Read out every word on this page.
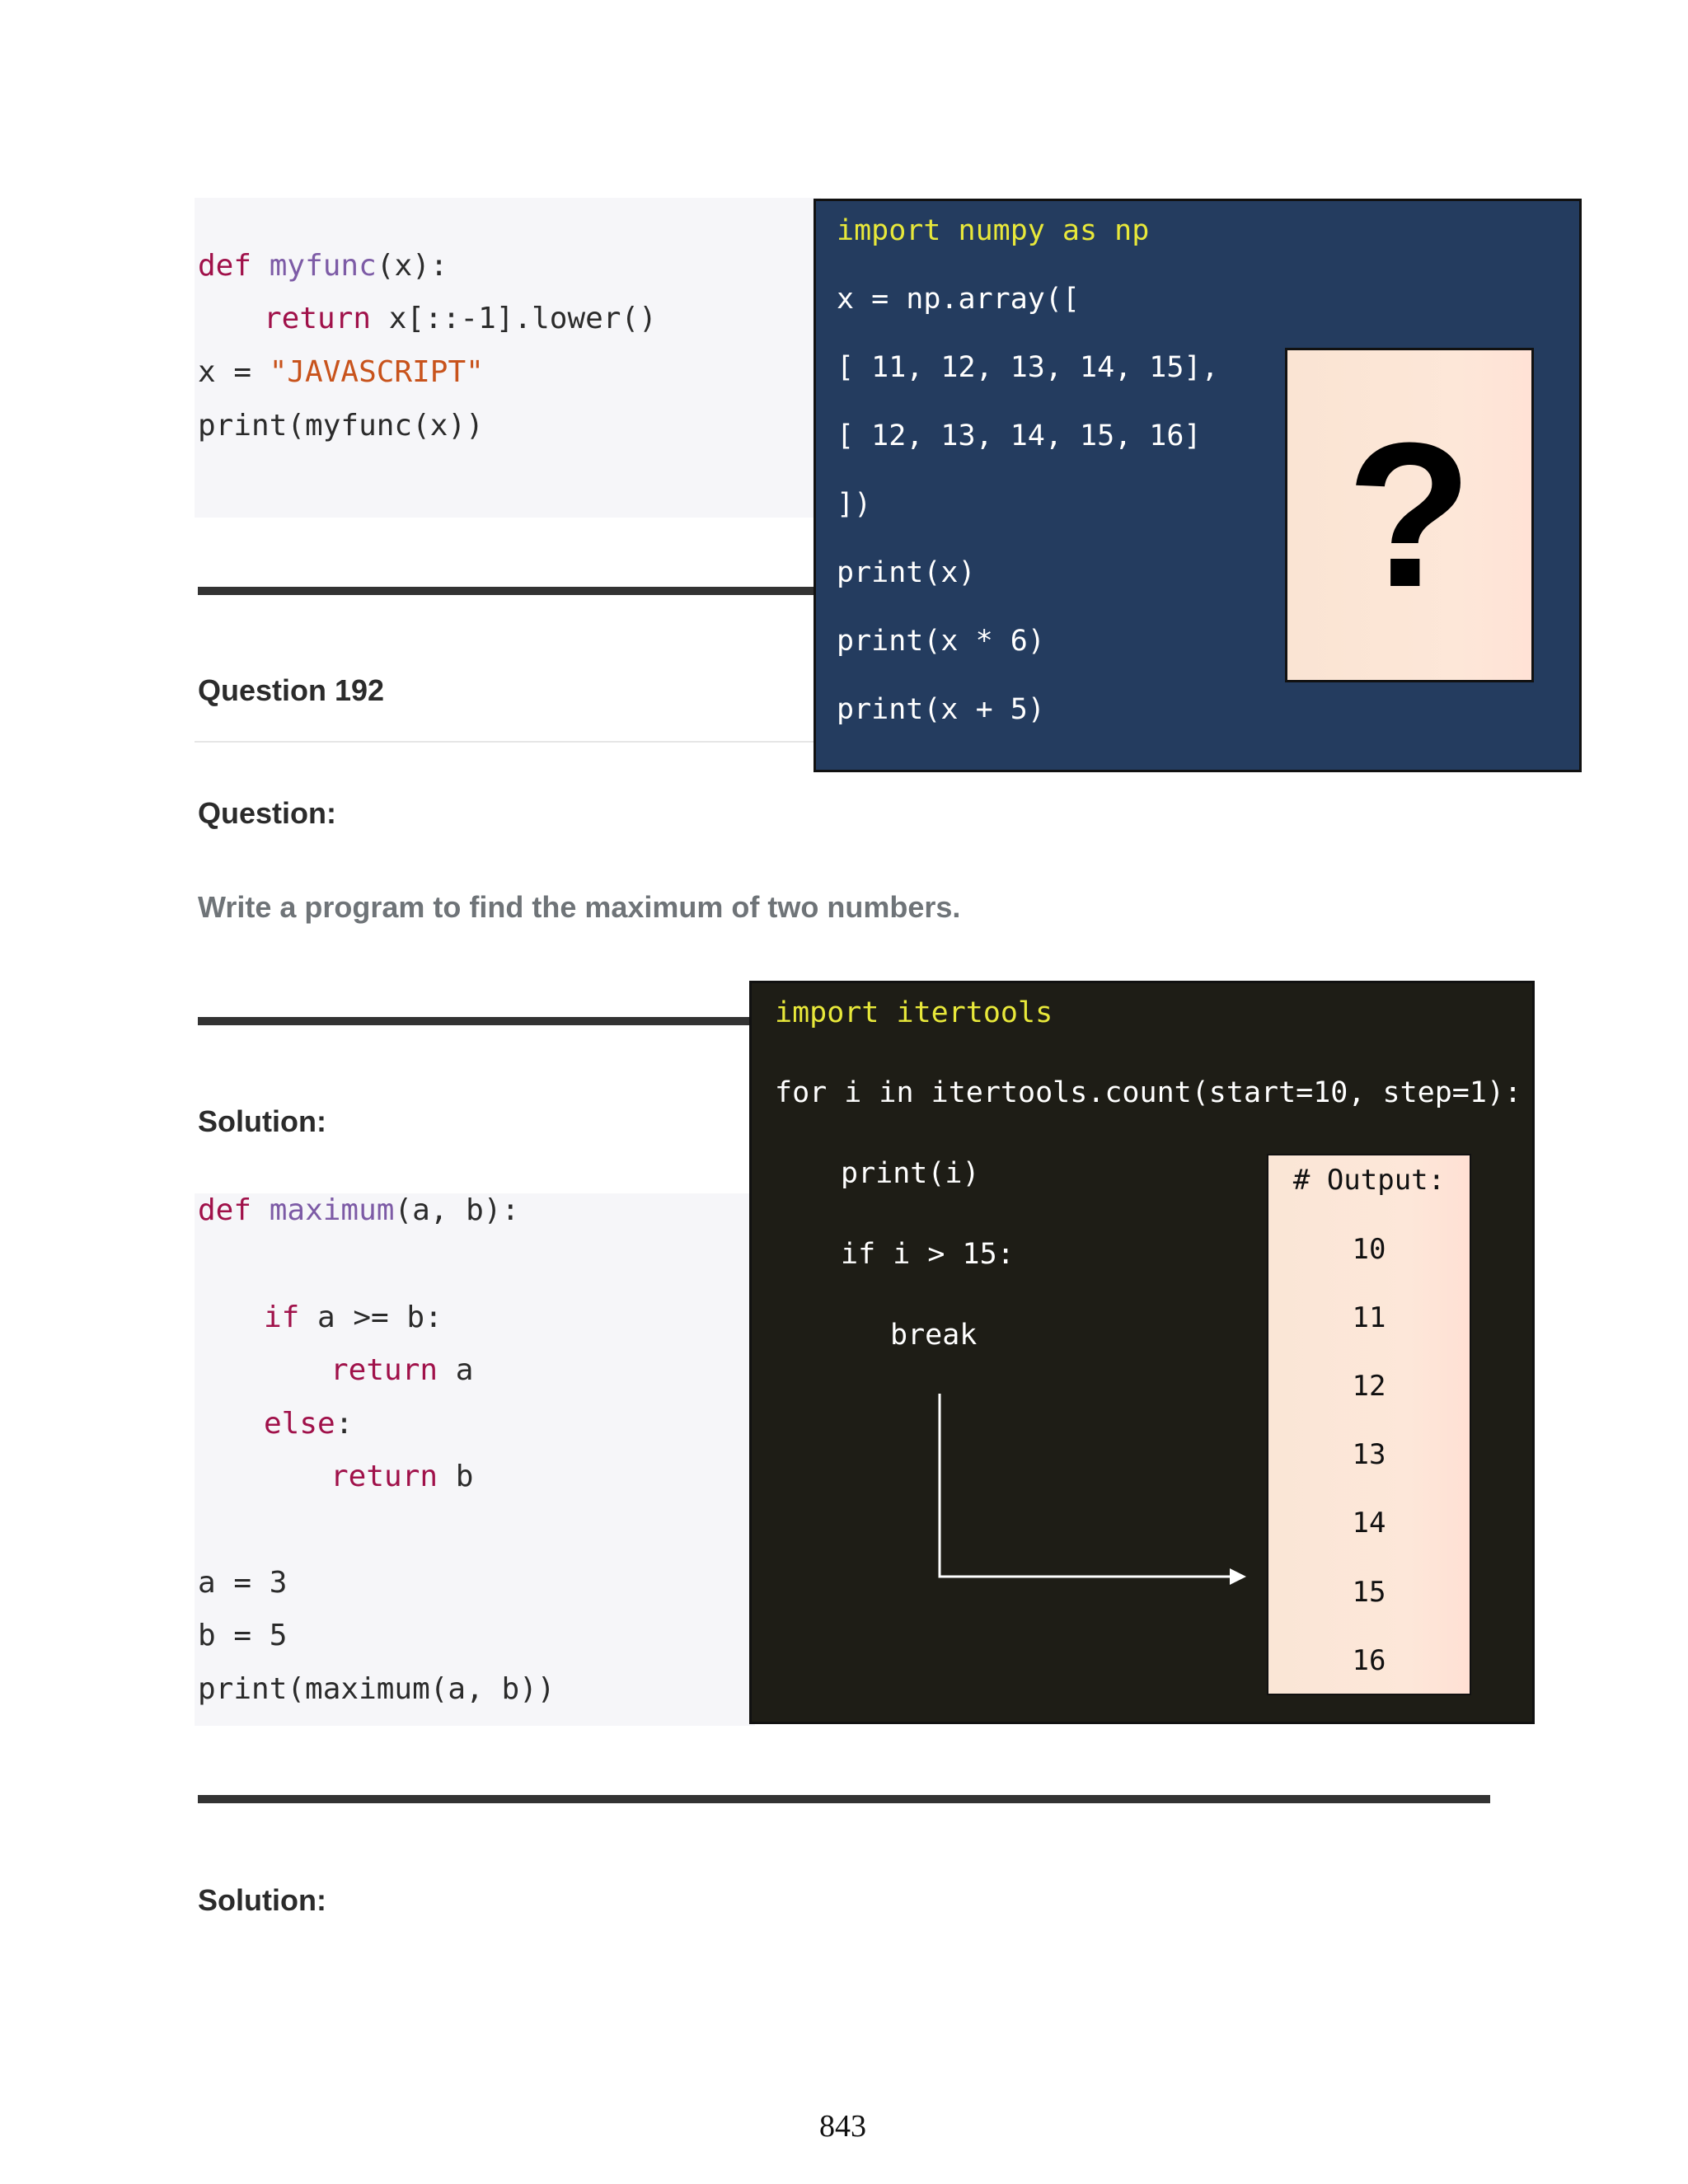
def myfunc(x):
return x[::-1].lower()
x = "JAVASCRIPT"
print(myfunc(x))
Question 192
import numpy as np
x = np.array([
[ 11, 12, 13, 14, 15],
[ 12, 13, 14, 15, 16]
])
print(x)
print(x * 6)
print(x + 5)
?
Question:
Write a program to find the maximum of two numbers.
Solution:
def maximum(a, b):
if a >= b:
return a
else:
return b
a = 3
b = 5
print(maximum(a, b))
import itertools
for i in itertools.count(start=10, step=1):
print(i)
if i > 15:
break
# Output:
10
11
12
13
14
15
16
Solution:
843
